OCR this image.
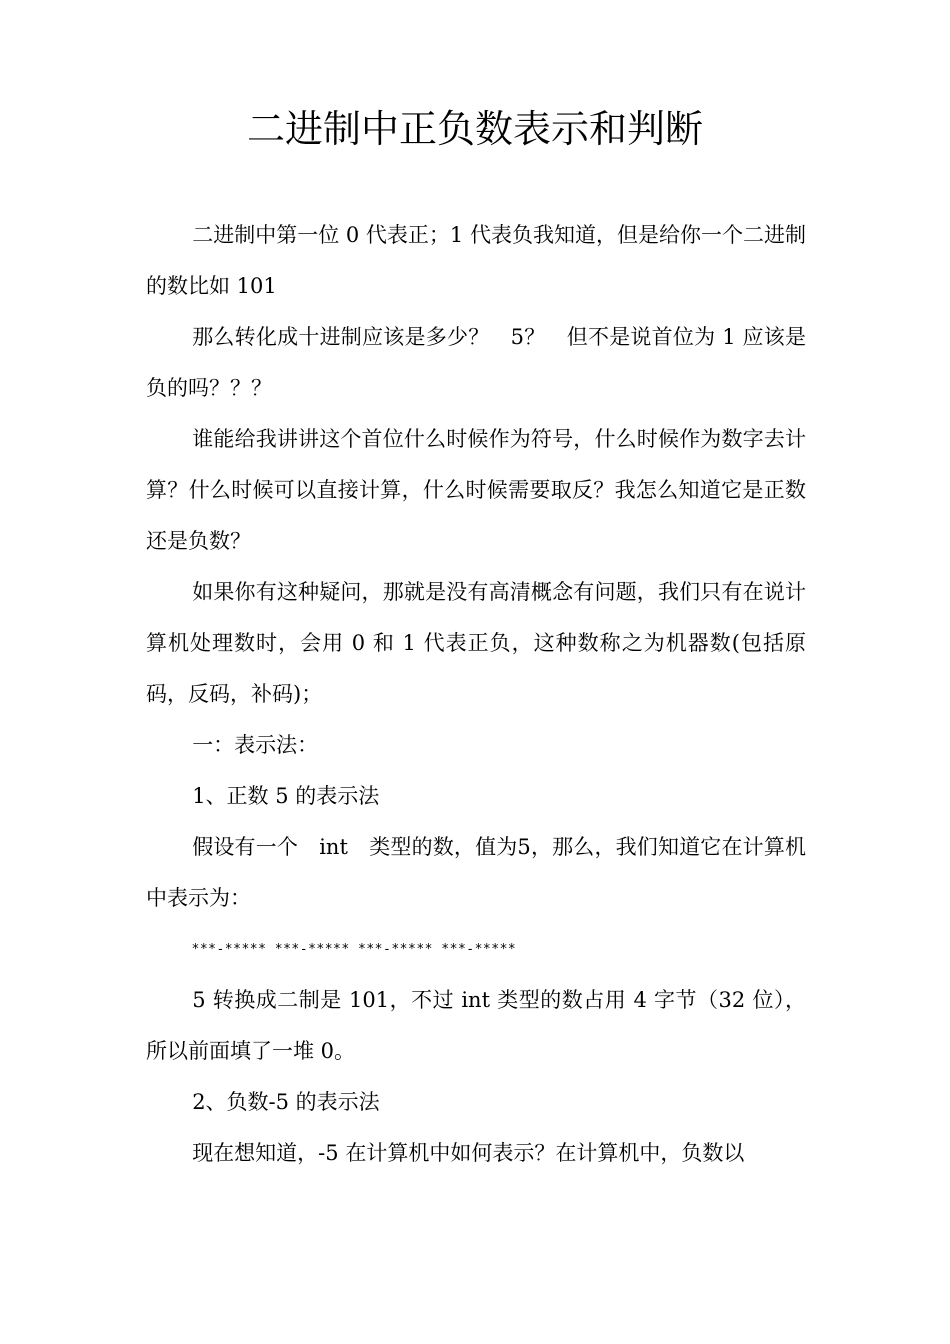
二进制中正负数表示和判断

二进制中第一位 0 代表正；1 代表负我知道，但是给你一个二进制的数比如 101

那么转化成十进制应该是多少？　5？　但不是说首位为 1 应该是负的吗？？？

谁能给我讲讲这个首位什么时候作为符号，什么时候作为数字去计算？什么时候可以直接计算，什么时候需要取反？我怎么知道它是正数还是负数？

如果你有这种疑问，那就是没有高清概念有问题，我们只有在说计算机处理数时，会用 0 和 1 代表正负，这种数称之为机器数(包括原码，反码，补码)；

一：表示法：

1、正数 5 的表示法

假设有一个　int　类型的数，值为5，那么，我们知道它在计算机中表示为：

***-***** ***-***** ***-***** ***-*****

5 转换成二制是 101，不过 int 类型的数占用 4 字节（32 位），所以前面填了一堆 0。

2、负数-5 的表示法

现在想知道，-5 在计算机中如何表示？在计算机中，负数以
